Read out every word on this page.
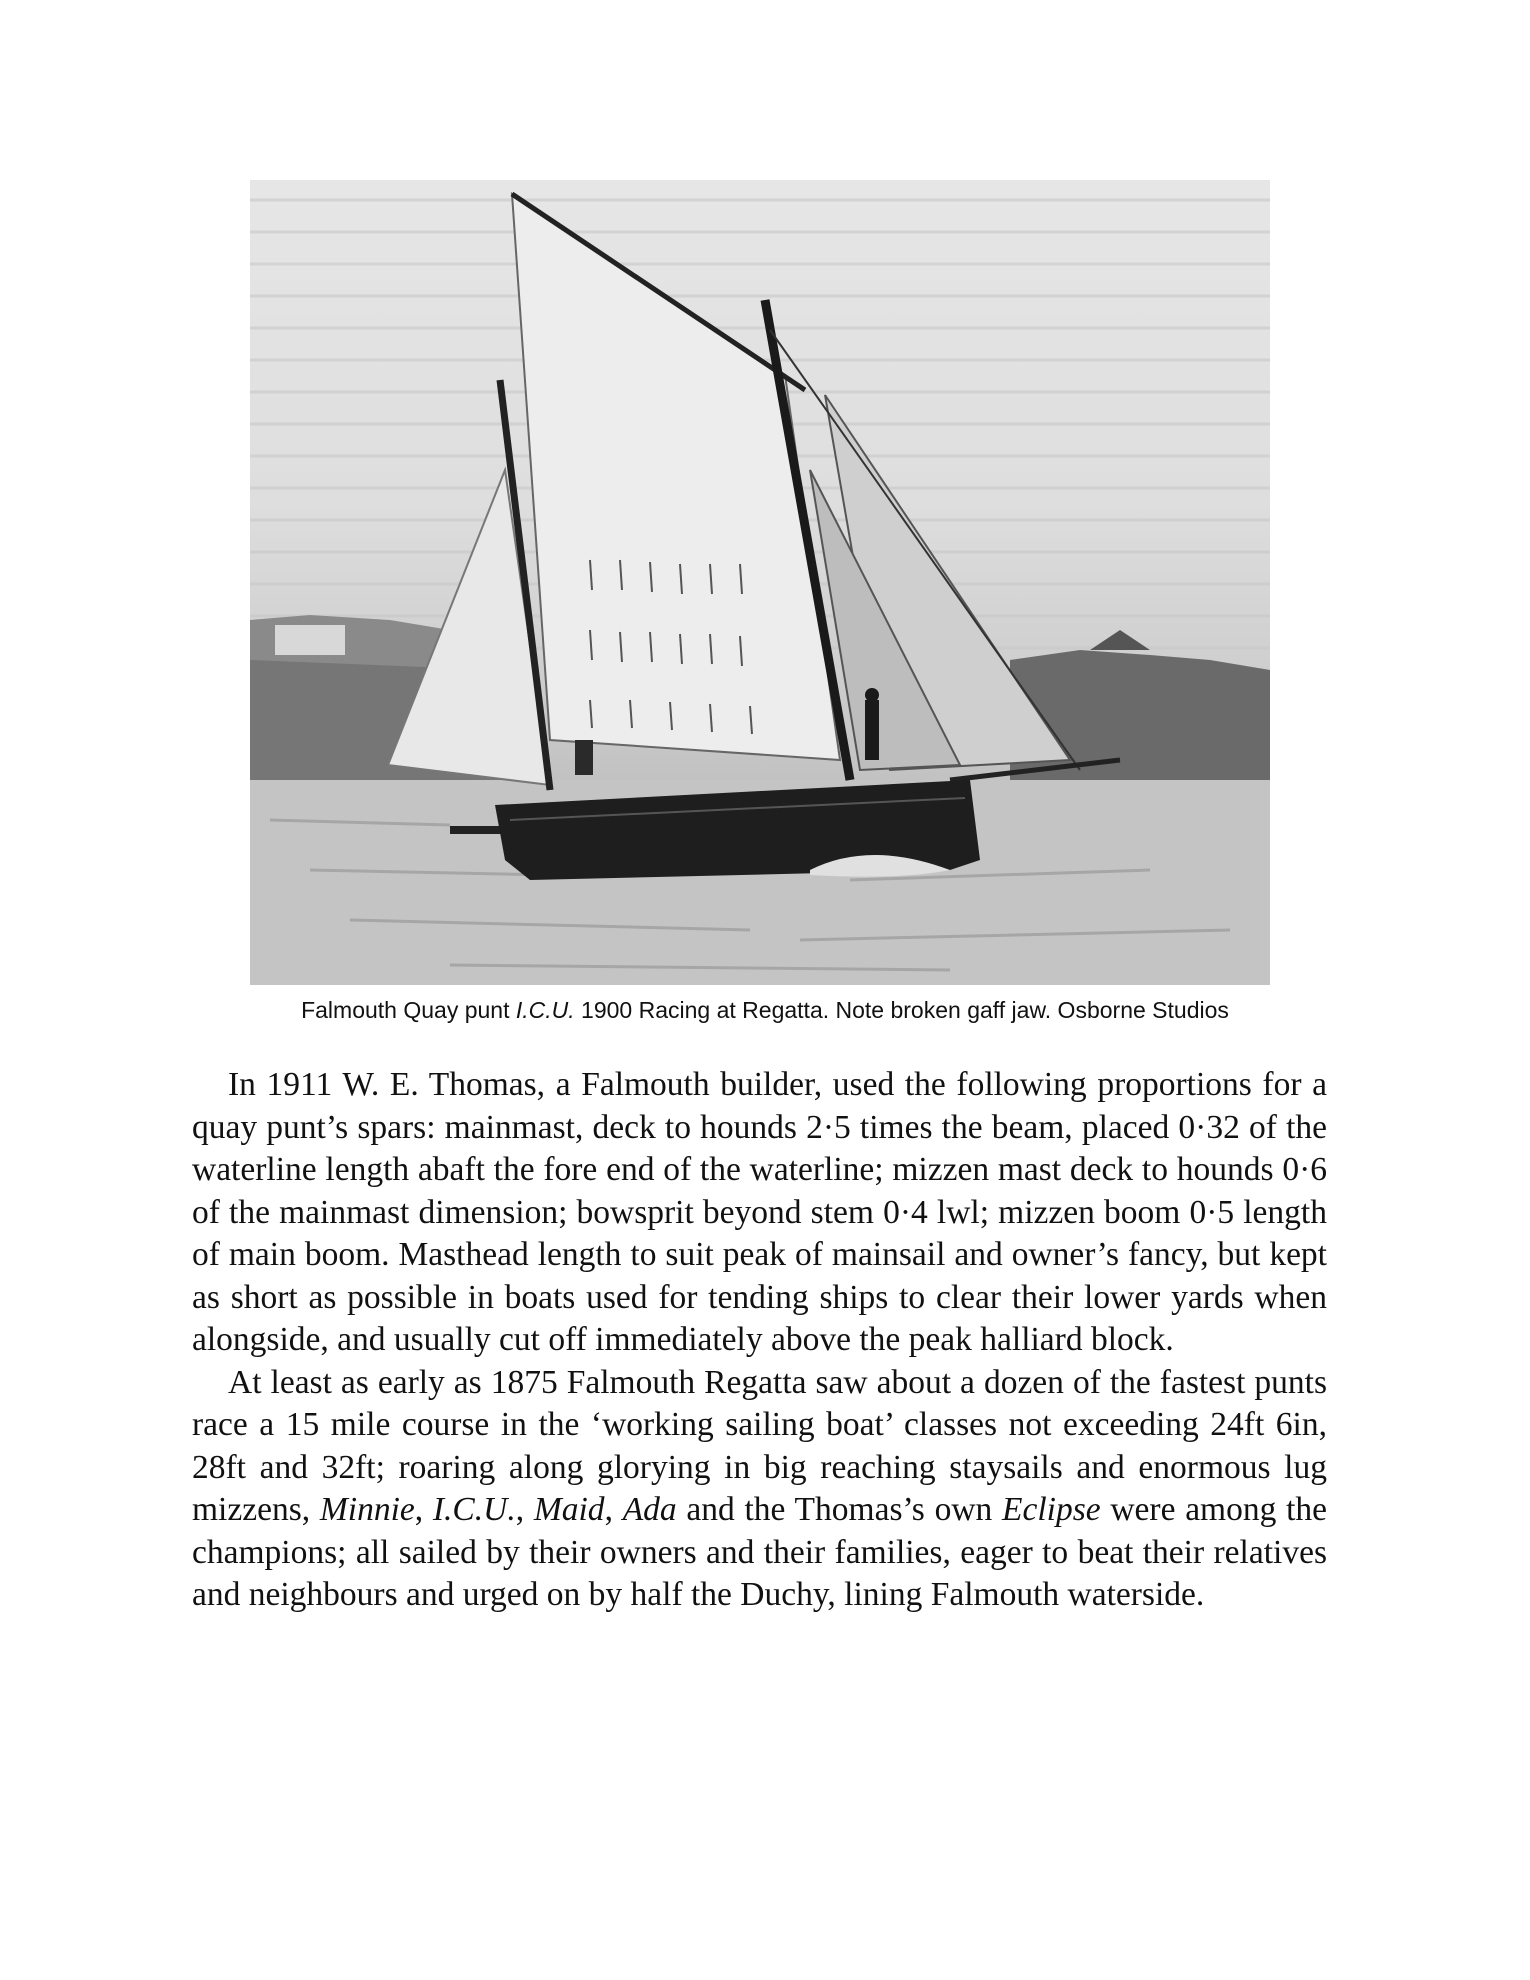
Falmouth Quay punt I.C.U. 1900 Racing at Regatta. Note broken gaff jaw. Osborne Studios

In 1911 W. E. Thomas, a Falmouth builder, used the following proportions for a quay punt’s spars: mainmast, deck to hounds 2·5 times the beam, placed 0·32 of the waterline length abaft the fore end of the waterline; mizzen mast deck to hounds 0·6 of the mainmast dimension; bowsprit beyond stem 0·4 lwl; mizzen boom 0·5 length of main boom. Masthead length to suit peak of mainsail and owner’s fancy, but kept as short as possible in boats used for tending ships to clear their lower yards when alongside, and usually cut off immediately above the peak halliard block.

At least as early as 1875 Falmouth Regatta saw about a dozen of the fastest punts race a 15 mile course in the ‘working sailing boat’ classes not exceeding 24ft 6in, 28ft and 32ft; roaring along glorying in big reaching staysails and enormous lug mizzens, Minnie, I.C.U., Maid, Ada and the Thomas’s own Eclipse were among the champions; all sailed by their owners and their families, eager to beat their relatives and neighbours and urged on by half the Duchy, lining Falmouth waterside.
